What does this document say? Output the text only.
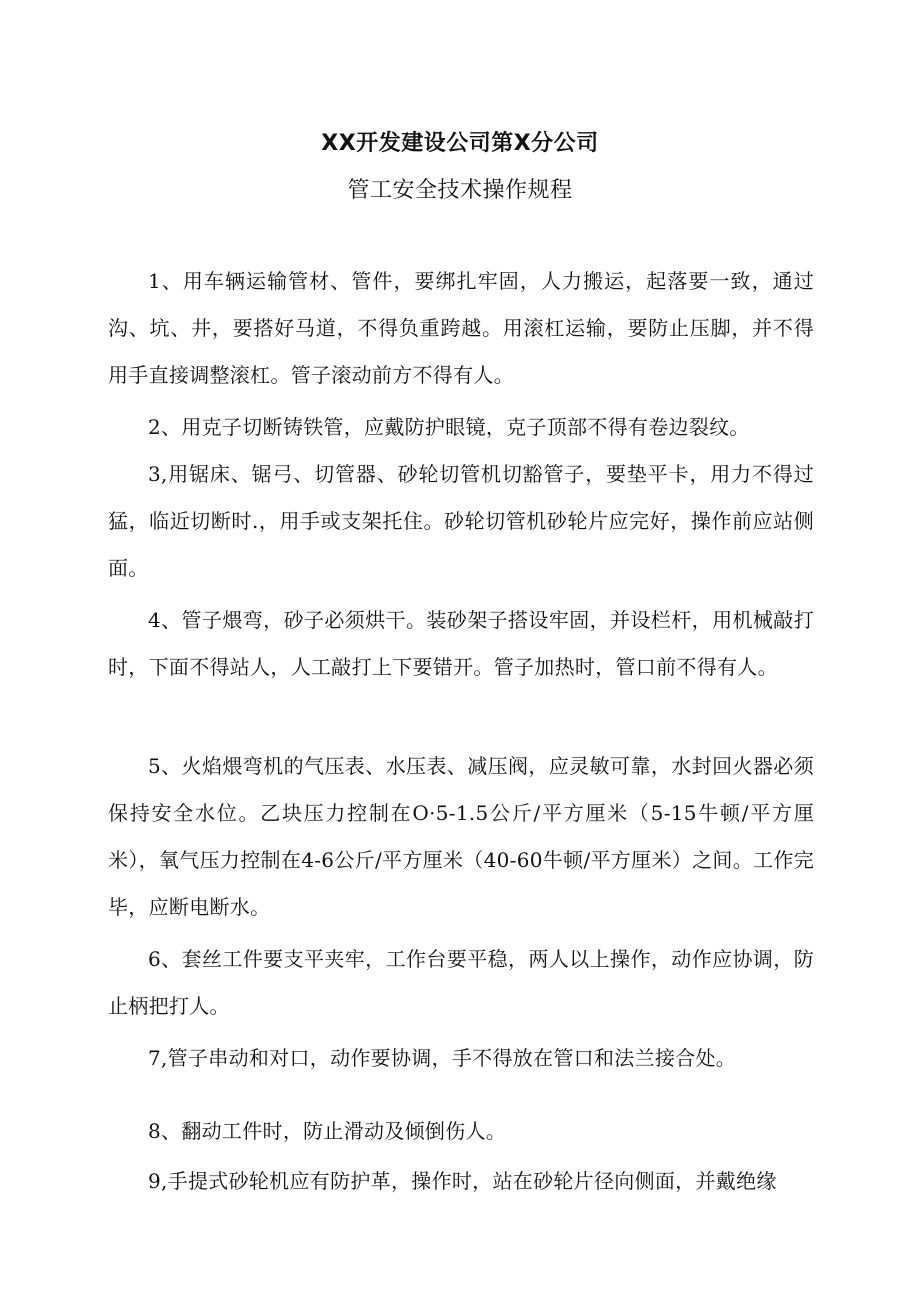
XX开发建设公司第X分公司
管工安全技术操作规程

1、用车辆运输管材、管件，要绑扎牢固，人力搬运，起落要一致，通过沟、坑、井，要搭好马道，不得负重跨越。用滚杠运输，要防止压脚，并不得用手直接调整滚杠。管子滚动前方不得有人。

2、用克子切断铸铁管，应戴防护眼镜，克子顶部不得有卷边裂纹。

3,用锯床、锯弓、切管器、砂轮切管机切豁管子，要垫平卡，用力不得过猛，临近切断时.，用手或支架托住。砂轮切管机砂轮片应完好，操作前应站侧面。

4、管子煨弯，砂子必须烘干。装砂架子搭设牢固，并设栏杆，用机械敲打时，下面不得站人，人工敲打上下要错开。管子加热时，管口前不得有人。

5、火焰煨弯机的气压表、水压表、减压阀，应灵敏可靠，水封回火器必须保持安全水位。乙块压力控制在O·5-1.5公斤/平方厘米（5-15牛顿/平方厘米），氧气压力控制在4-6公斤/平方厘米（40-60牛顿/平方厘米）之间。工作完毕，应断电断水。

6、套丝工件要支平夹牢，工作台要平稳，两人以上操作，动作应协调，防止柄把打人。

7,管子串动和对口，动作要协调，手不得放在管口和法兰接合处。

8、翻动工件时，防止滑动及倾倒伤人。

9,手提式砂轮机应有防护革，操作时，站在砂轮片径向侧面，并戴绝缘
